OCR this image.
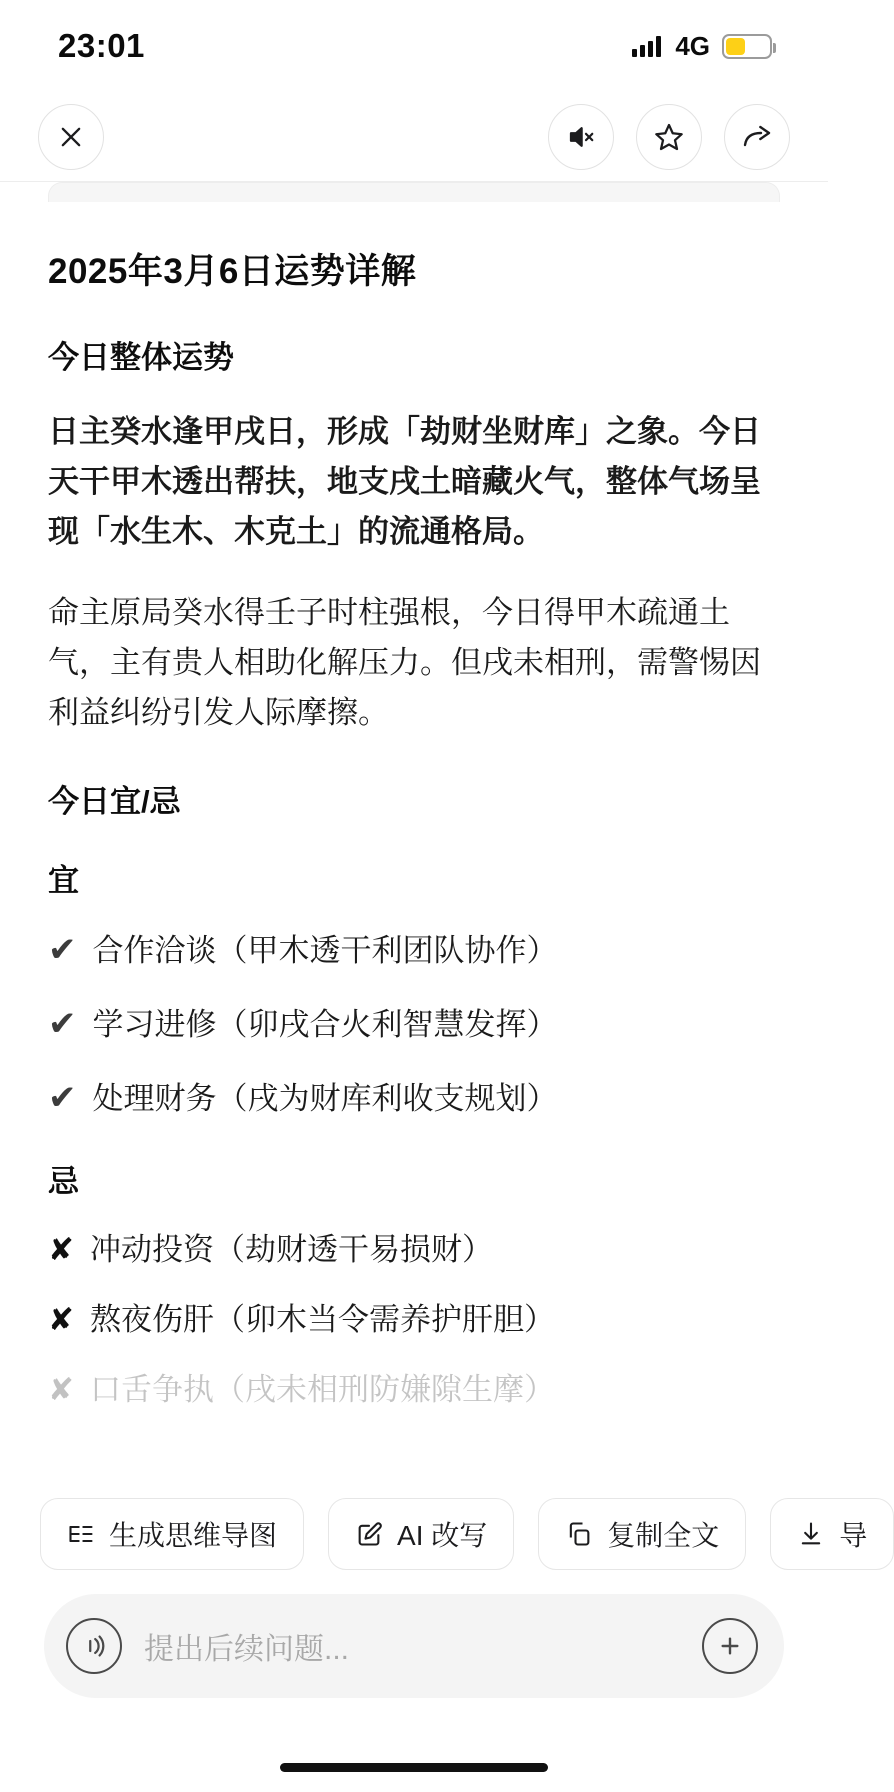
23:01	4G
2025年3月6日运势详解
今日整体运势

日主癸水逢甲戌日，形成「劫财坐财库」之象。今日天干甲木透出帮扶，地支戌土暗藏火气，整体气场呈现「水生木、木克土」的流通格局。

命主原局癸水得壬子时柱强根，今日得甲木疏通土气，主有贵人相助化解压力。但戌未相刑，需警惕因利益纠纷引发人际摩擦。

今日宜/忌
宜
✔ 合作洽谈（甲木透干利团队协作）
✔ 学习进修（卯戌合火利智慧发挥）
✔ 处理财务（戌为财库利收支规划）
忌
✘ 冲动投资（劫财透干易损财）
✘ 熬夜伤肝（卯木当令需养护肝胆）
✘ 口舌争执（戌未相刑防嫌隙生摩）
生成思维导图	AI 改写	复制全文	导
提出后续问题...
